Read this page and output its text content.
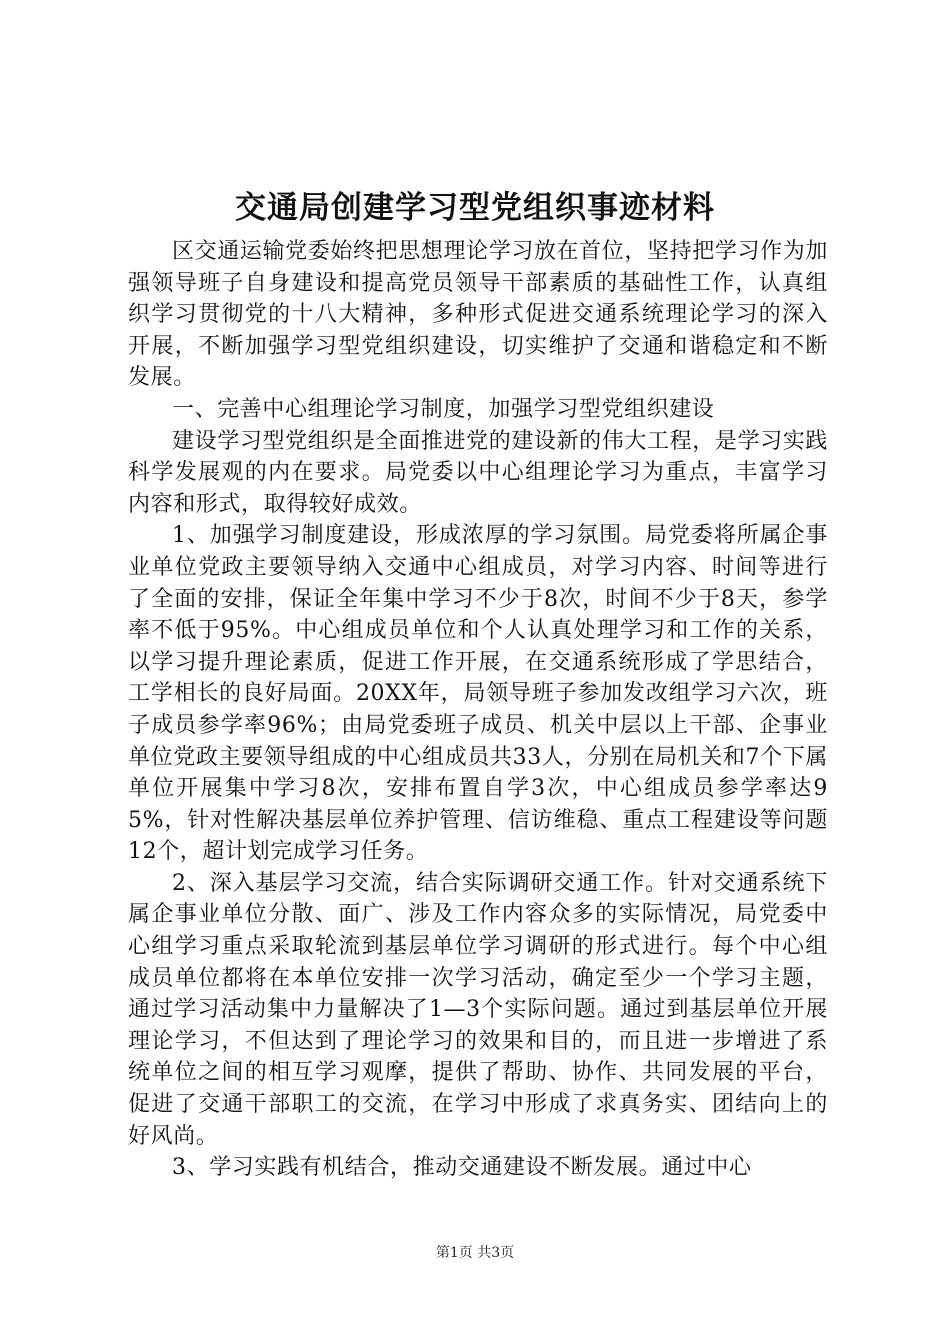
交通局创建学习型党组织事迹材料

区交通运输党委始终把思想理论学习放在首位，坚持把学习作为加强领导班子自身建设和提高党员领导干部素质的基础性工作，认真组织学习贯彻党的十八大精神，多种形式促进交通系统理论学习的深入开展，不断加强学习型党组织建设，切实维护了交通和谐稳定和不断发展。

一、完善中心组理论学习制度，加强学习型党组织建设

建设学习型党组织是全面推进党的建设新的伟大工程，是学习实践科学发展观的内在要求。局党委以中心组理论学习为重点，丰富学习内容和形式，取得较好成效。

1、加强学习制度建设，形成浓厚的学习氛围。局党委将所属企事业单位党政主要领导纳入交通中心组成员，对学习内容、时间等进行了全面的安排，保证全年集中学习不少于8次，时间不少于8天，参学率不低于95%。中心组成员单位和个人认真处理学习和工作的关系，以学习提升理论素质，促进工作开展，在交通系统形成了学思结合，工学相长的良好局面。20XX年，局领导班子参加发改组学习六次，班子成员参学率96%；由局党委班子成员、机关中层以上干部、企事业单位党政主要领导组成的中心组成员共33人，分别在局机关和7个下属单位开展集中学习8次，安排布置自学3次，中心组成员参学率达95%，针对性解决基层单位养护管理、信访维稳、重点工程建设等问题12个，超计划完成学习任务。

2、深入基层学习交流，结合实际调研交通工作。针对交通系统下属企事业单位分散、面广、涉及工作内容众多的实际情况，局党委中心组学习重点采取轮流到基层单位学习调研的形式进行。每个中心组成员单位都将在本单位安排一次学习活动，确定至少一个学习主题，通过学习活动集中力量解决了1—3个实际问题。通过到基层单位开展理论学习，不但达到了理论学习的效果和目的，而且进一步增进了系统单位之间的相互学习观摩，提供了帮助、协作、共同发展的平台，促进了交通干部职工的交流，在学习中形成了求真务实、团结向上的好风尚。

3、学习实践有机结合，推动交通建设不断发展。通过中心

第1页 共3页
